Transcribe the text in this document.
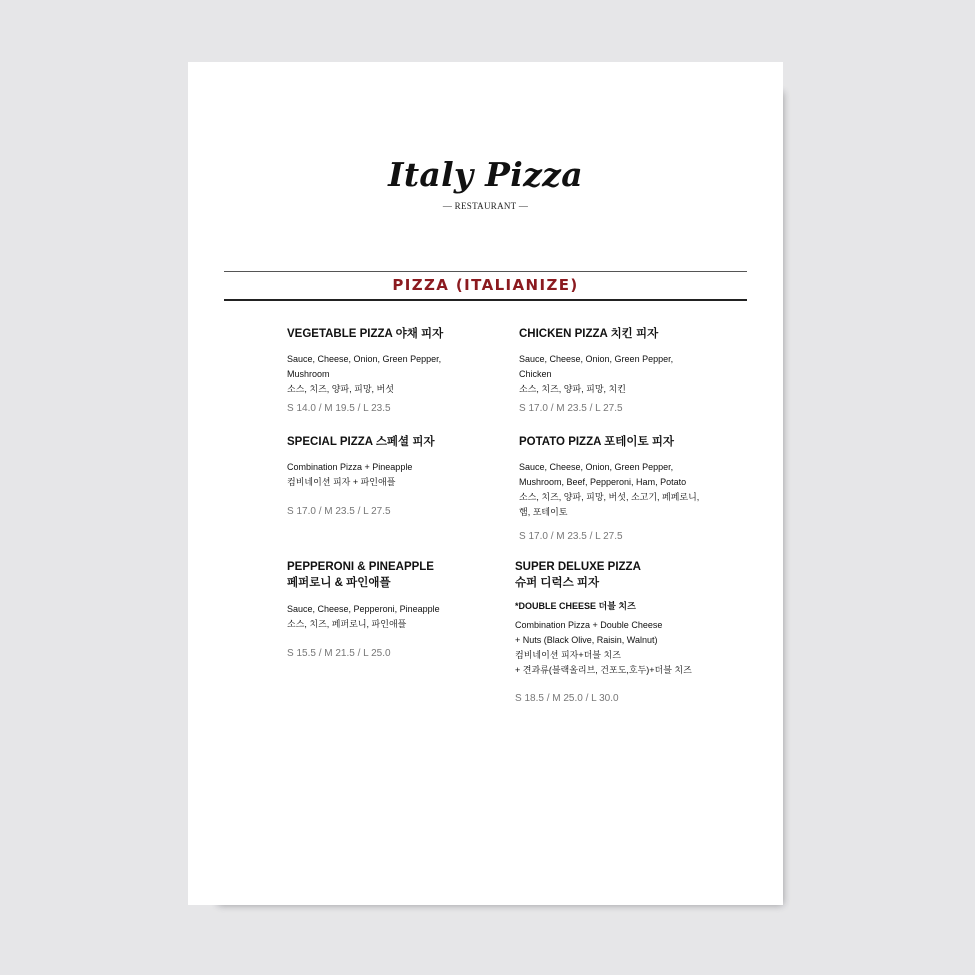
Italy Pizza
— RESTAURANT —
PIZZA (ITALIANIZE)
VEGETABLE PIZZA 야채 피자
Sauce, Cheese, Onion, Green Pepper,
Mushroom
소스, 치즈, 양파, 피망, 버섯
S 14.0 / M 19.5 / L 23.5
CHICKEN PIZZA 치킨 피자
Sauce, Cheese, Onion, Green Pepper,
Chicken
소스, 치즈, 양파, 피망, 치킨
S 17.0 / M 23.5 / L 27.5
SPECIAL PIZZA 스페셜 피자
Combination Pizza + Pineapple
컴비네이션 피자 + 파인애플
S 17.0 / M 23.5 / L 27.5
POTATO PIZZA 포테이토 피자
Sauce, Cheese, Onion, Green Pepper,
Mushroom, Beef, Pepperoni, Ham, Potato
소스, 치즈, 양파, 피망, 버섯, 소고기, 페페로니,
햄, 포테이토
S 17.0 / M 23.5 / L 27.5
PEPPERONI & PINEAPPLE
페퍼로니 & 파인애플
Sauce, Cheese, Pepperoni, Pineapple
소스, 치즈, 페퍼로니, 파인애플
S 15.5 / M 21.5 / L 25.0
SUPER DELUXE PIZZA
슈퍼 디럭스 피자
*DOUBLE CHEESE 더블 치즈
Combination Pizza + Double Cheese
+ Nuts (Black Olive, Raisin, Walnut)
컴비네이션 피자+더블 치즈
+ 견과류(블랙올리브, 건포도,호두)+더블 치즈
S 18.5 / M 25.0 / L 30.0
